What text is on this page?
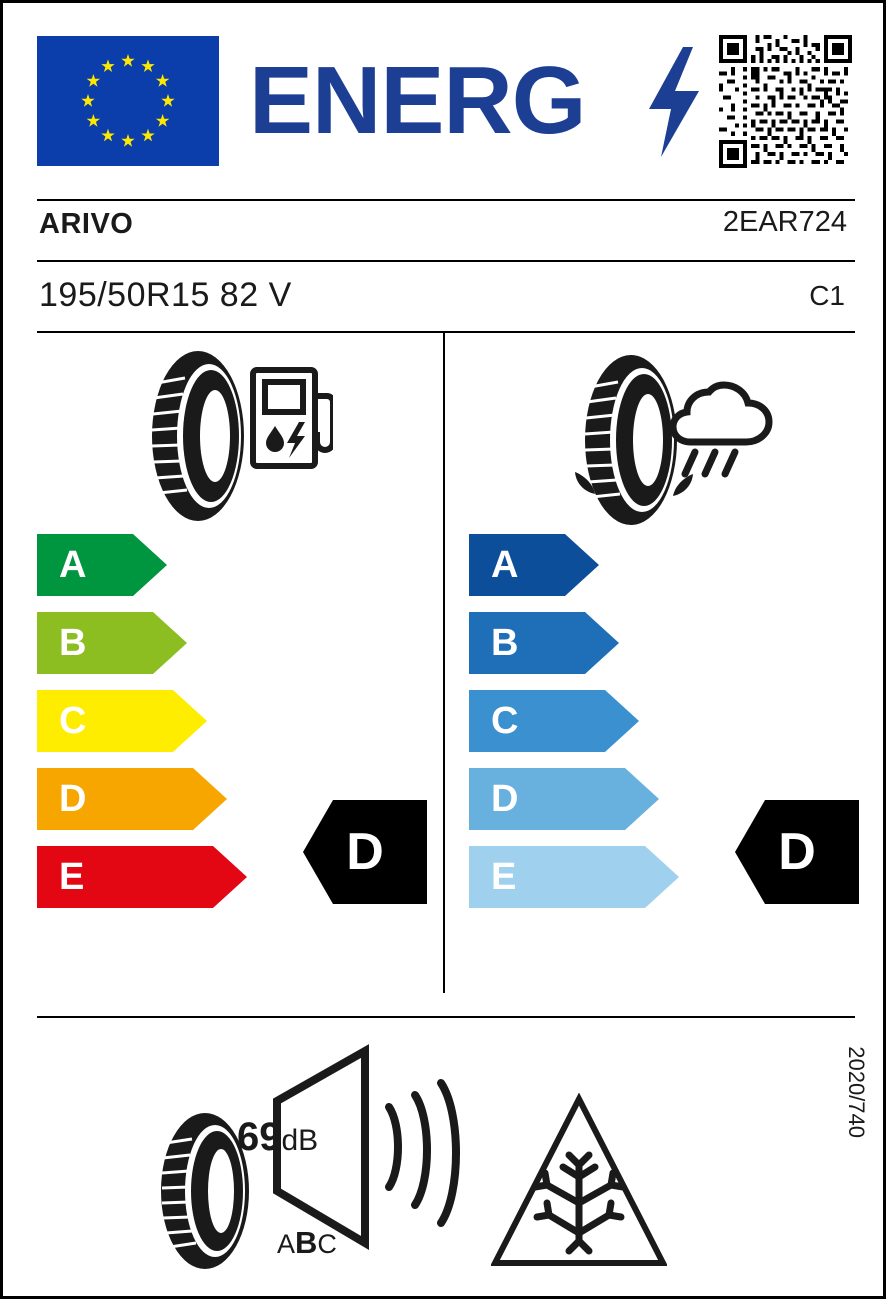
ENERG
ARIVO	2EAR724
195/50R15 82 V	C1
A
B
C
D
E
A
B
C
D
E
D	D
69dB
ABC
2020/740
